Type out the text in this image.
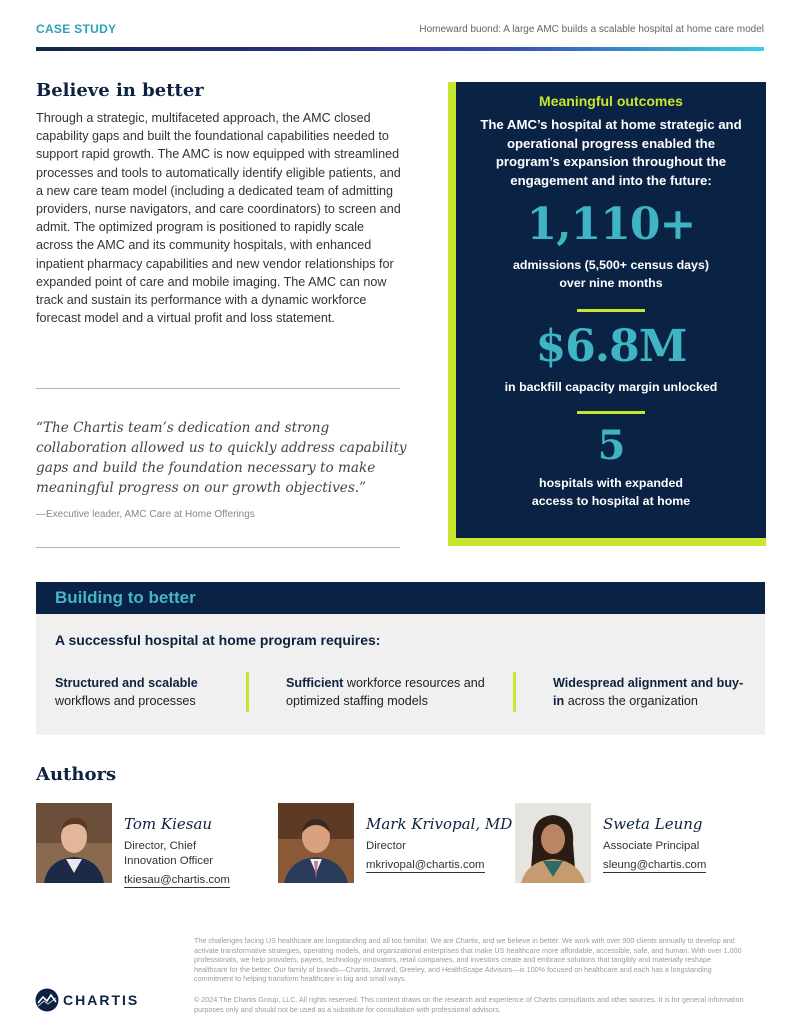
CASE STUDY	Homeward buond: A large AMC builds a scalable hospital at home care model
Believe in better

Through a strategic, multifaceted approach, the AMC closed capability gaps and built the foundational capabilities needed to support rapid growth. The AMC is now equipped with streamlined processes and tools to automatically identify eligible patients, and a new care team model (including a dedicated team of admitting providers, nurse navigators, and care coordinators) to screen and admit. The optimized program is positioned to rapidly scale across the AMC and its community hospitals, with enhanced inpatient pharmacy capabilities and new vendor relationships for expanded point of care and mobile imaging. The AMC can now track and sustain its performance with a dynamic workforce forecast model and a virtual profit and loss statement.

“The Chartis team’s dedication and strong collaboration allowed us to quickly address capability gaps and build the foundation necessary to make meaningful progress on our growth objectives.”

—Executive leader, AMC Care at Home Offerings

Meaningful outcomes
The AMC’s hospital at home strategic and operational progress enabled the program’s expansion throughout the engagement and into the future:
1,110+
admissions (5,500+ census days)
over nine months
$6.8M
in backfill capacity margin unlocked
5
hospitals with expanded
access to hospital at home
Building to better
A successful hospital at home program requires:
Structured and scalable
workflows and processes
Sufficient workforce resources and optimized staffing models
Widespread alignment and buy-in across the organization
Authors
Tom Kiesau
Director, Chief
Innovation Officer
tkiesau@chartis.com
Mark Krivopal, MD
Director
mkrivopal@chartis.com
Sweta Leung
Associate Principal
sleung@chartis.com

The challenges facing US healthcare are longstanding and all too familiar. We are Chartis, and we believe in better. We work with over 900 clients annually to develop and activate transformative strategies, operating models, and organizational enterprises that make US healthcare more affordable, accessible, safe, and human. With over 1,000 professionals, we help providers, payers, technology innovators, retail companies, and investors create and embrace solutions that tangibly and materially reshape healthcare for the better. Our family of brands—Chartis, Jarrard, Greeley, and HealthScape Advisors—is 100% focused on healthcare and each has a longstanding commitment to helping transform healthcare in big and small ways.

© 2024 The Chartis Group, LLC. All rights reserved. This content draws on the research and experience of Chartis consultants and other sources. It is for general information purposes only and should not be used as a substitute for consultation with professional advisors.

CHARTIS
